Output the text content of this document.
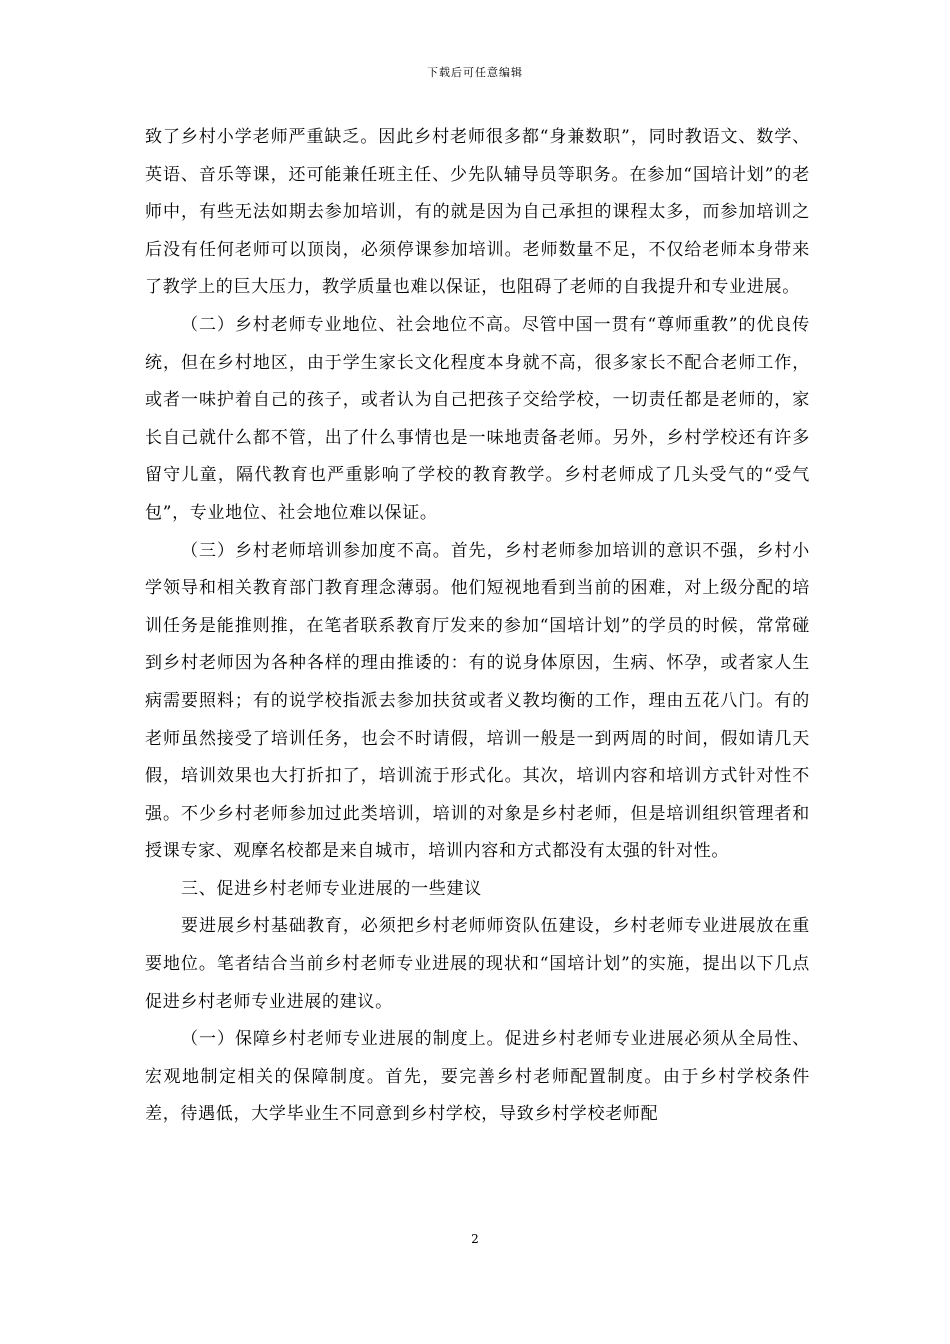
下载后可任意编辑

致了乡村小学老师严重缺乏。因此乡村老师很多都“身兼数职”，同时教语文、数学、英语、音乐等课，还可能兼任班主任、少先队辅导员等职务。在参加“国培计划”的老师中，有些无法如期去参加培训，有的就是因为自己承担的课程太多，而参加培训之后没有任何老师可以顶岗，必须停课参加培训。老师数量不足，不仅给老师本身带来了教学上的巨大压力，教学质量也难以保证，也阻碍了老师的自我提升和专业进展。

（二）乡村老师专业地位、社会地位不高。尽管中国一贯有“尊师重教”的优良传统，但在乡村地区，由于学生家长文化程度本身就不高，很多家长不配合老师工作，或者一味护着自己的孩子，或者认为自己把孩子交给学校，一切责任都是老师的，家长自己就什么都不管，出了什么事情也是一味地责备老师。另外，乡村学校还有许多留守儿童，隔代教育也严重影响了学校的教育教学。乡村老师成了几头受气的“受气包”，专业地位、社会地位难以保证。

（三）乡村老师培训参加度不高。首先，乡村老师参加培训的意识不强，乡村小学领导和相关教育部门教育理念薄弱。他们短视地看到当前的困难，对上级分配的培训任务是能推则推，在笔者联系教育厅发来的参加“国培计划”的学员的时候，常常碰到乡村老师因为各种各样的理由推诿的：有的说身体原因，生病、怀孕，或者家人生病需要照料；有的说学校指派去参加扶贫或者义教均衡的工作，理由五花八门。有的老师虽然接受了培训任务，也会不时请假，培训一般是一到两周的时间，假如请几天假，培训效果也大打折扣了，培训流于形式化。其次，培训内容和培训方式针对性不强。不少乡村老师参加过此类培训，培训的对象是乡村老师，但是培训组织管理者和授课专家、观摩名校都是来自城市，培训内容和方式都没有太强的针对性。

三、促进乡村老师专业进展的一些建议

要进展乡村基础教育，必须把乡村老师师资队伍建设，乡村老师专业进展放在重要地位。笔者结合当前乡村老师专业进展的现状和“国培计划”的实施，提出以下几点促进乡村老师专业进展的建议。

（一）保障乡村老师专业进展的制度上。促进乡村老师专业进展必须从全局性、宏观地制定相关的保障制度。首先，要完善乡村老师配置制度。由于乡村学校条件差，待遇低，大学毕业生不同意到乡村学校，导致乡村学校老师配

2
